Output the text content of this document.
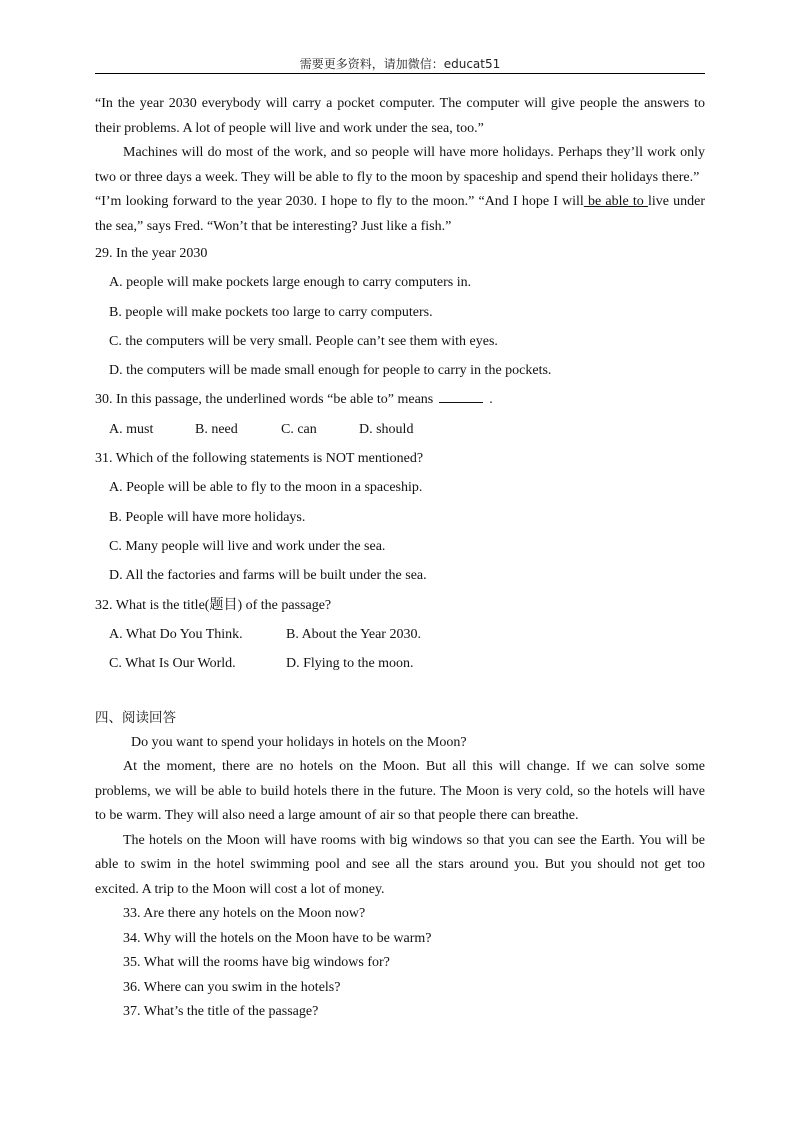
需要更多资料，请加微信：educat51

“In the year 2030 everybody will carry a pocket computer. The computer will give people the answers to their problems. A lot of people will live and work under the sea, too.”

Machines will do most of the work, and so people will have more holidays. Perhaps they’ll work only two or three days a week. They will be able to fly to the moon by spaceship and spend their holidays there.”

“I’m looking forward to the year 2030. I hope to fly to the moon.” “And I hope I will be able to live under the sea,” says Fred. “Won’t that be interesting? Just like a fish.”

29. In the year 2030
A. people will make pockets large enough to carry computers in.
B. people will make pockets too large to carry computers.
C. the computers will be very small. People can’t see them with eyes.
D. the computers will be made small enough for people to carry in the pockets.
30. In this passage, the underlined words “be able to” means	.
A. must	B. need	C. can	D. should
31. Which of the following statements is NOT mentioned?
A. People will be able to fly to the moon in a spaceship.
B. People will have more holidays.
C. Many people will live and work under the sea.
D. All the factories and farms will be built under the sea.
32. What is the title(题目) of the passage?
A. What Do You Think.	B. About the Year 2030.
C. What Is Our World.	D. Flying to the moon.
四、阅读回答

Do you want to spend your holidays in hotels on the Moon?

At the moment, there are no hotels on the Moon. But all this will change. If we can solve some problems, we will be able to build hotels there in the future. The Moon is very cold, so the hotels will have to be warm. They will also need a large amount of air so that people there can breathe.

The hotels on the Moon will have rooms with big windows so that you can see the Earth. You will be able to swim in the hotel swimming pool and see all the stars around you. But you should not get too excited. A trip to the Moon will cost a lot of money.

33. Are there any hotels on the Moon now?
34. Why will the hotels on the Moon have to be warm?
35. What will the rooms have big windows for?
36. Where can you swim in the hotels?
37. What’s the title of the passage?
